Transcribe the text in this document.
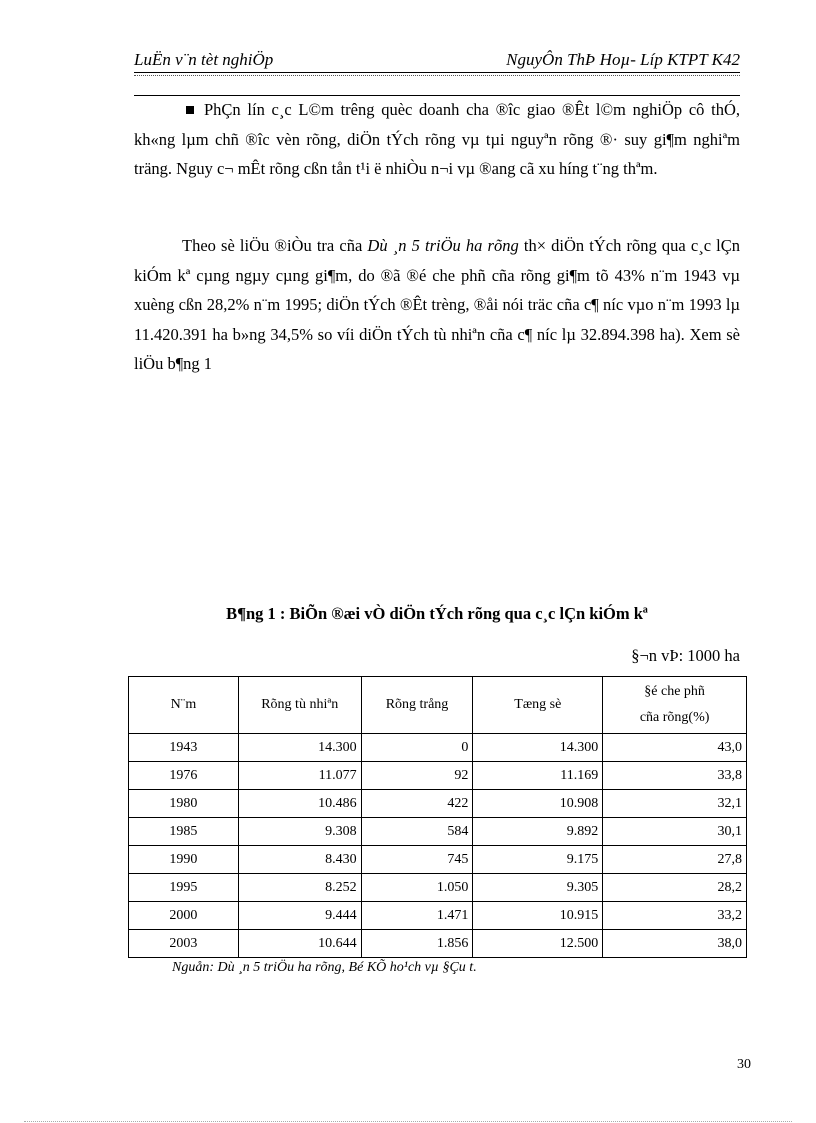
LuËn v¨n tèt nghiÖp	NguyÔn ThÞ Hoµ- Líp KTPT K42
PhÇn lín c¸c L©m trêng quèc doanh cha ®îc giao ®Êt l©m nghiÖp cô thÓ, kh«ng lµm chñ ®îc vèn rõng, diÖn tÝch rõng vµ tµi nguyªn rõng ®· suy gi¶m nghiªm träng. Nguy c¬ mÊt rõng cßn tån t¹i ë nhiÒu n¬i vµ ®ang cã xu híng t¨ng thªm.
Theo sè liÖu ®iÒu tra cña Dù ¸n 5 triÖu ha rõng th× diÖn tÝch rõng qua c¸c lÇn kiÓm kª cµng ngµy cµng gi¶m, do ®ã ®é che phñ cña rõng gi¶m tõ 43% n¨m 1943 vµ xuèng cßn 28,2% n¨m 1995; diÖn tÝch ®Êt trèng, ®åi nói träc cña c¶ níc vµo n¨m 1993 lµ 11.420.391 ha b»ng 34,5% so víi diÖn tÝch tù nhiªn cña c¶ níc lµ 32.894.398 ha). Xem sè liÖu b¶ng 1
B¶ng 1 : BiÕn ®æi vÒ diÖn tÝch rõng qua c¸c lÇn kiÓm kª
§¬n vÞ: 1000 ha
N¨m	Rõng tù nhiªn	Rõng trång	Tæng sè	§é che phñ
cña rõng(%)
1943	14.300	0	14.300	43,0
1976	11.077	92	11.169	33,8
1980	10.486	422	10.908	32,1
1985	9.308	584	9.892	30,1
1990	8.430	745	9.175	27,8
1995	8.252	1.050	9.305	28,2
2000	9.444	1.471	10.915	33,2
2003	10.644	1.856	12.500	38,0
Nguån: Dù ¸n 5 triÖu ha rõng, Bé KÕ ho¹ch vµ §Çu t.
30
